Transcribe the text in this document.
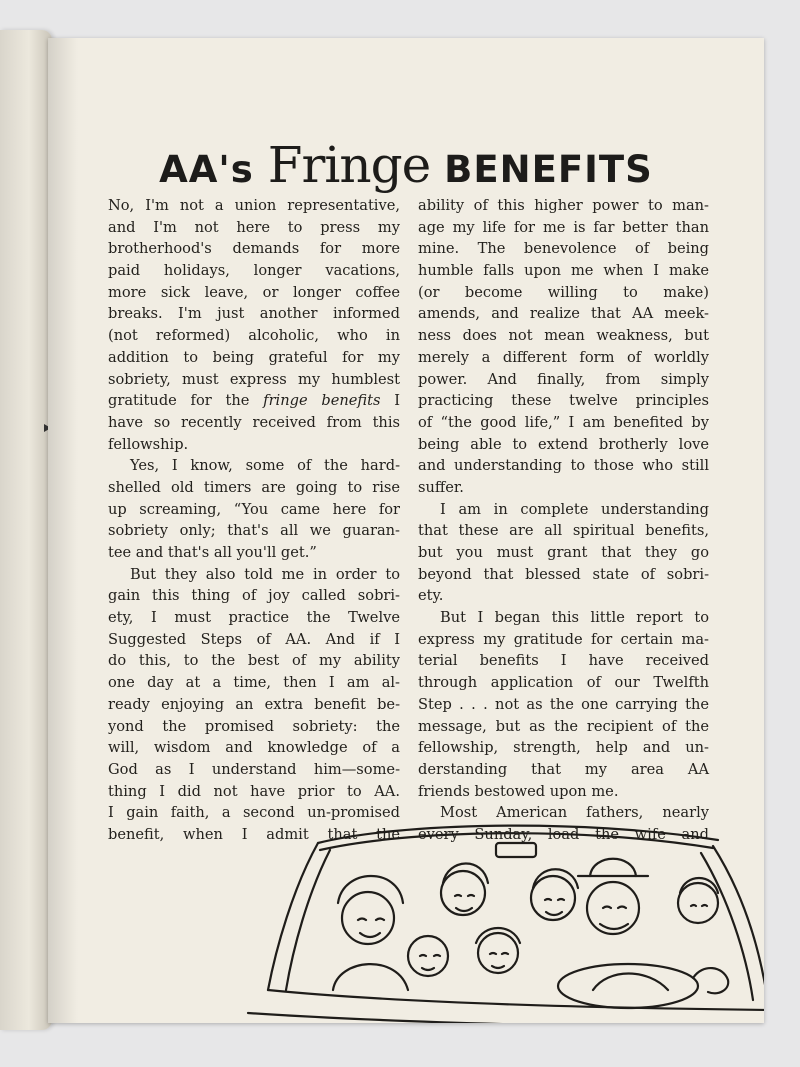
AA's Fringe BENEFITS
No, I'm not a union representative,
and I'm not here to press my
brotherhood's demands for more
paid holidays, longer vacations,
more sick leave, or longer coffee
breaks. I'm just another informed
(not reformed) alcoholic, who in
addition to being grateful for my
sobriety, must express my humblest
gratitude for the fringe benefits I
have so recently received from this
fellowship.
Yes, I know, some of the hard-
shelled old timers are going to rise
up screaming, “You came here for
sobriety only; that's all we guaran-
tee and that's all you'll get.”
But they also told me in order to
gain this thing of joy called sobri-
ety, I must practice the Twelve
Suggested Steps of AA. And if I
do this, to the best of my ability
one day at a time, then I am al-
ready enjoying an extra benefit be-
yond the promised sobriety: the
will, wisdom and knowledge of a
God as I understand him—some-
thing I did not have prior to AA.
I gain faith, a second un-promised
benefit, when I admit that the
ability of this higher power to man-
age my life for me is far better than
mine. The benevolence of being
humble falls upon me when I make
(or become willing to make)
amends, and realize that AA meek-
ness does not mean weakness, but
merely a different form of worldly
power. And finally, from simply
practicing these twelve principles
of “the good life,” I am benefited by
being able to extend brotherly love
and understanding to those who still
suffer.
I am in complete understanding
that these are all spiritual benefits,
but you must grant that they go
beyond that blessed state of sobri-
ety.
But I began this little report to
express my gratitude for certain ma-
terial benefits I have received
through application of our Twelfth
Step . . . not as the one carrying the
message, but as the recipient of the
fellowship, strength, help and un-
derstanding that my area AA
friends bestowed upon me.
Most American fathers, nearly
every Sunday, load the wife and
